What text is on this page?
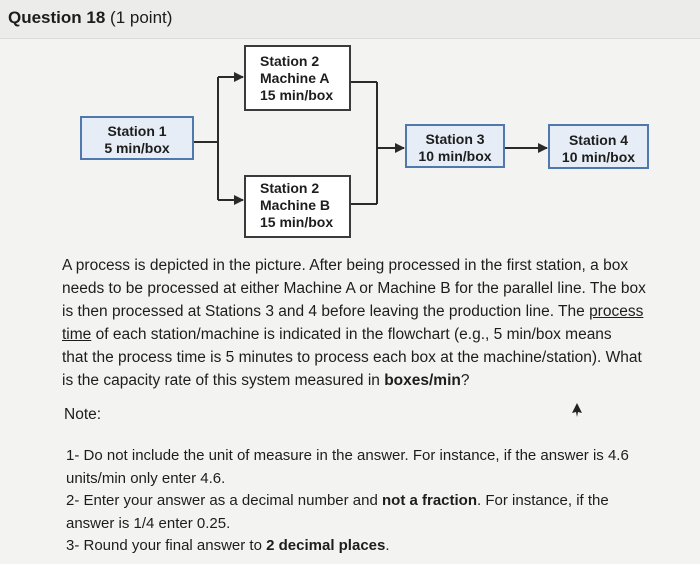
Question 18 (1 point)
Station 1
5 min/box
Station 2
Machine A
15 min/box
Station 2
Machine B
15 min/box
Station 3
10 min/box
Station 4
10 min/box

A process is depicted in the picture. After being processed in the first station, a box
needs to be processed at either Machine A or Machine B for the parallel line. The box
is then processed at Stations 3 and 4 before leaving the production line. The process
time of each station/machine is indicated in the flowchart (e.g., 5 min/box means
that the process time is 5 minutes to process each box at the machine/station). What
is the capacity rate of this system measured in boxes/min?

Note:

1- Do not include the unit of measure in the answer. For instance, if the answer is 4.6
units/min only enter 4.6.
2- Enter your answer as a decimal number and not a fraction. For instance, if the
answer is 1/4 enter 0.25.
3- Round your final answer to 2 decimal places.
